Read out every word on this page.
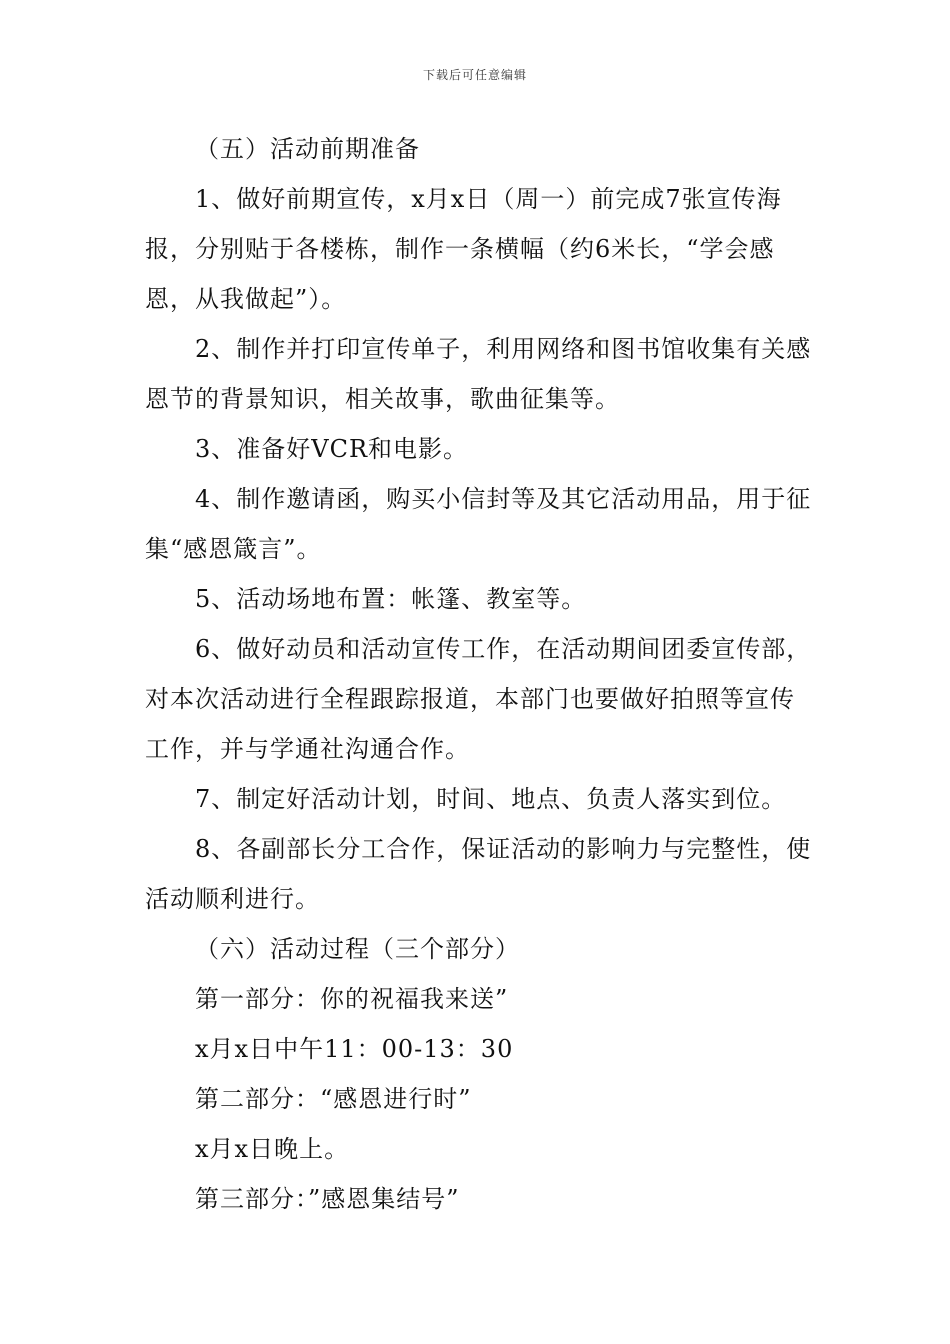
下载后可任意编辑

（五）活动前期准备

1、做好前期宣传，x月x日（周一）前完成7张宣传海报，分别贴于各楼栋，制作一条横幅（约6米长，“学会感恩，从我做起”）。

2、制作并打印宣传单子，利用网络和图书馆收集有关感恩节的背景知识，相关故事，歌曲征集等。

3、准备好VCR和电影。

4、制作邀请函，购买小信封等及其它活动用品，用于征集“感恩箴言”。

5、活动场地布置：帐篷、教室等。

6、做好动员和活动宣传工作，在活动期间团委宣传部，对本次活动进行全程跟踪报道，本部门也要做好拍照等宣传工作，并与学通社沟通合作。

7、制定好活动计划，时间、地点、负责人落实到位。

8、各副部长分工合作，保证活动的影响力与完整性，使活动顺利进行。

（六）活动过程（三个部分）

第一部分：你的祝福我来送”

x月x日中午11：00-13：30

第二部分：“感恩进行时”

x月x日晚上。

第三部分：”感恩集结号”
